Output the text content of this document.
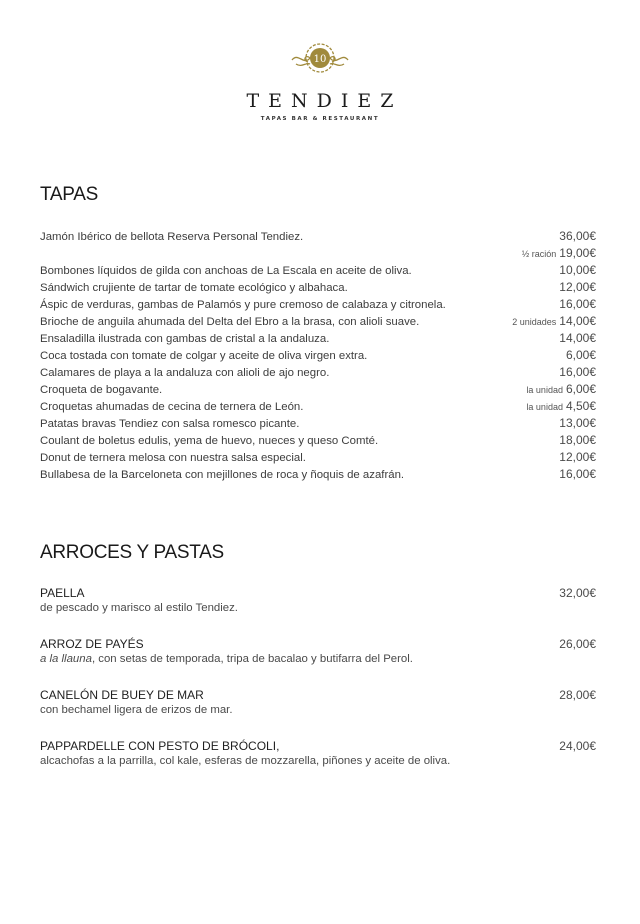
10
TENDIEZ
TAPAS BAR & RESTAURANT
TAPAS
Jamón Ibérico de bellota Reserva Personal Tendiez.	36,00€
½ ración 19,00€
Bombones líquidos de gilda con anchoas de La Escala en aceite de oliva.	10,00€
Sándwich crujiente de tartar de tomate ecológico y albahaca.	12,00€
Áspic de verduras, gambas de Palamós y pure cremoso de calabaza y citronela.	16,00€
Brioche de anguila ahumada del Delta del Ebro a la brasa, con alioli suave.	2 unidades 14,00€
Ensaladilla ilustrada con gambas de cristal a la andaluza.	14,00€
Coca tostada con tomate de colgar y aceite de oliva virgen extra.	6,00€
Calamares de playa a la andaluza con alioli de ajo negro.	16,00€
Croqueta de bogavante.	la unidad 6,00€
Croquetas ahumadas de cecina de ternera de León.	la unidad 4,50€
Patatas bravas Tendiez con salsa romesco picante.	13,00€
Coulant de boletus edulis, yema de huevo, nueces y queso Comté.	18,00€
Donut de ternera melosa con nuestra salsa especial.	12,00€
Bullabesa de la Barceloneta con mejillones de roca y ñoquis de azafrán.	16,00€
ARROCES Y PASTAS
PAELLA	32,00€
de pescado y marisco al estilo Tendiez.
ARROZ DE PAYÉS	26,00€
a la llauna, con setas de temporada, tripa de bacalao y butifarra del Perol.
CANELÓN DE BUEY DE MAR	28,00€
con bechamel ligera de erizos de mar.
PAPPARDELLE CON PESTO DE BRÓCOLI,	24,00€
alcachofas a la parrilla, col kale, esferas de mozzarella, piñones y aceite de oliva.
